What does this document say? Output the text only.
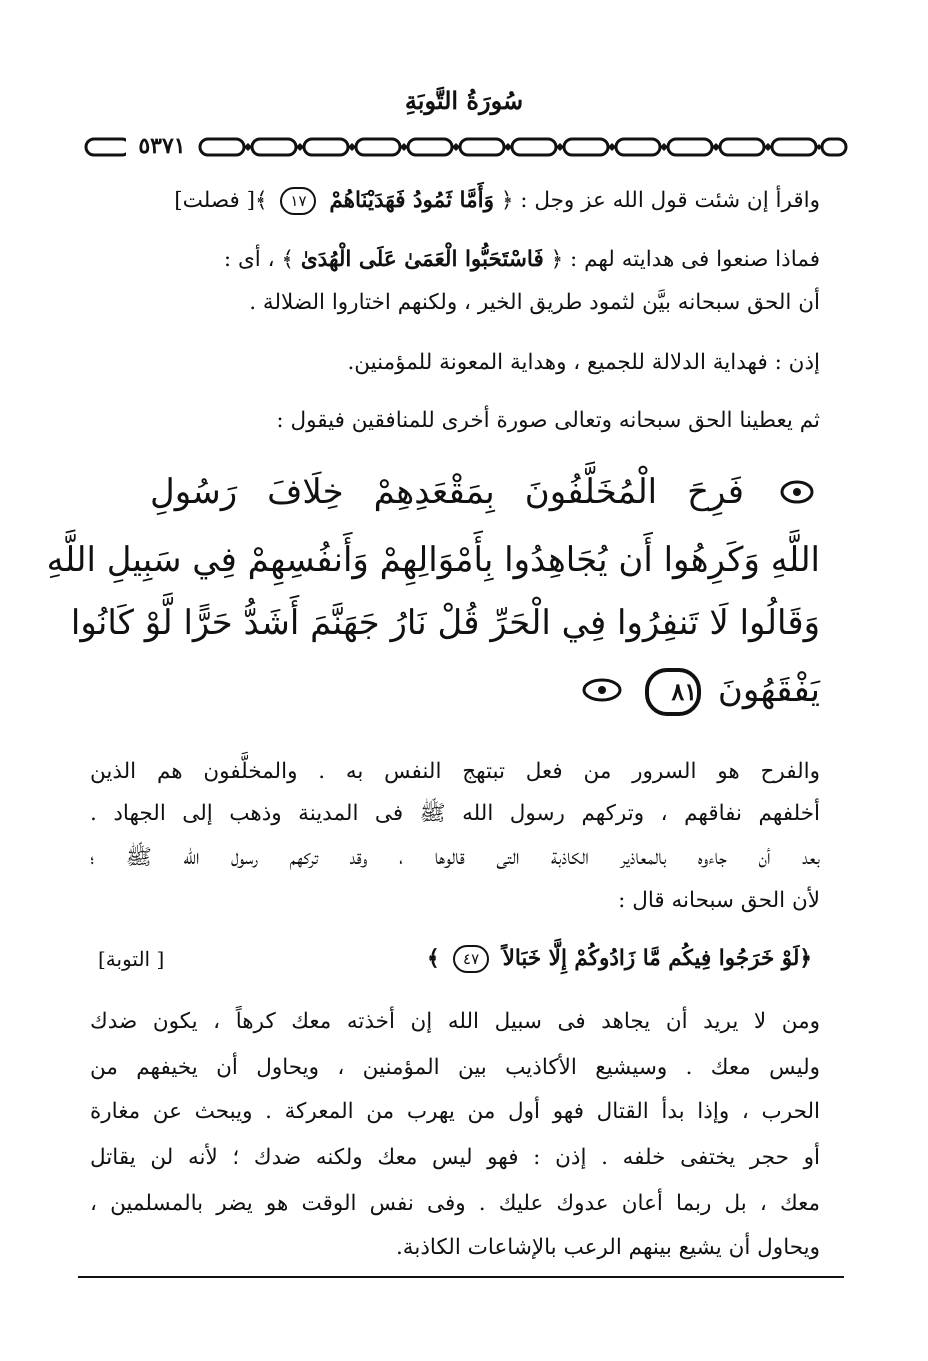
سُورَةُ التَّوبَةِ
٥٣٧١
واقرأ إن شئت قول الله عز وجل : ﴿ وَأَمَّا ثَمُودُ فَهَدَيْنَاهُمْ ١٧ ﴾[ فصلت]
فماذا صنعوا فى هدايته لهم : ﴿ فَاسْتَحَبُّوا الْعَمَىٰ عَلَى الْهُدَىٰ ﴾ ، أى :
أن الحق سبحانه بيَّن لثمود طريق الخير ، ولكنهم اختاروا الضلالة .
إذن : فهداية الدلالة للجميع ، وهداية المعونة للمؤمنين.
ثم يعطينا الحق سبحانه وتعالى صورة أخرى للمنافقين فيقول :
فَرِحَ الْمُخَلَّفُونَ بِمَقْعَدِهِمْ خِلَافَ رَسُولِ
اللَّهِ وَكَرِهُوا أَن يُجَاهِدُوا بِأَمْوَالِهِمْ وَأَنفُسِهِمْ فِي سَبِيلِ اللَّهِ
وَقَالُوا لَا تَنفِرُوا فِي الْحَرِّ قُلْ نَارُ جَهَنَّمَ أَشَدُّ حَرًّا لَّوْ كَانُوا
يَفْقَهُونَ ٨١
والفرح هو السرور من فعل تبتهج النفس به . والمخلَّفون هم الذين
أخلفهم نفاقهم ، وتركهم رسول الله ﷺ فى المدينة وذهب إلى الجهاد .
بعد أن جاءوه بالمعاذير الكاذبة التى قالوها ، وقد تركهم رسول الله ﷺ ؛
لأن الحق سبحانه قال :
﴿لَوْ خَرَجُوا فِيكُم مَّا زَادُوكُمْ إِلَّا خَبَالاً ٤٧ ﴾
[ التوبة]
ومن لا يريد أن يجاهد فى سبيل الله إن أخذته معك كرهاً ، يكون ضدك
وليس معك . وسيشيع الأكاذيب بين المؤمنين ، ويحاول أن يخيفهم من
الحرب ، وإذا بدأ القتال فهو أول من يهرب من المعركة . ويبحث عن مغارة
أو حجر يختفى خلفه . إذن : فهو ليس معك ولكنه ضدك ؛ لأنه لن يقاتل
معك ، بل ربما أعان عدوك عليك . وفى نفس الوقت هو يضر بالمسلمين ،
ويحاول أن يشيع بينهم الرعب بالإشاعات الكاذبة.
